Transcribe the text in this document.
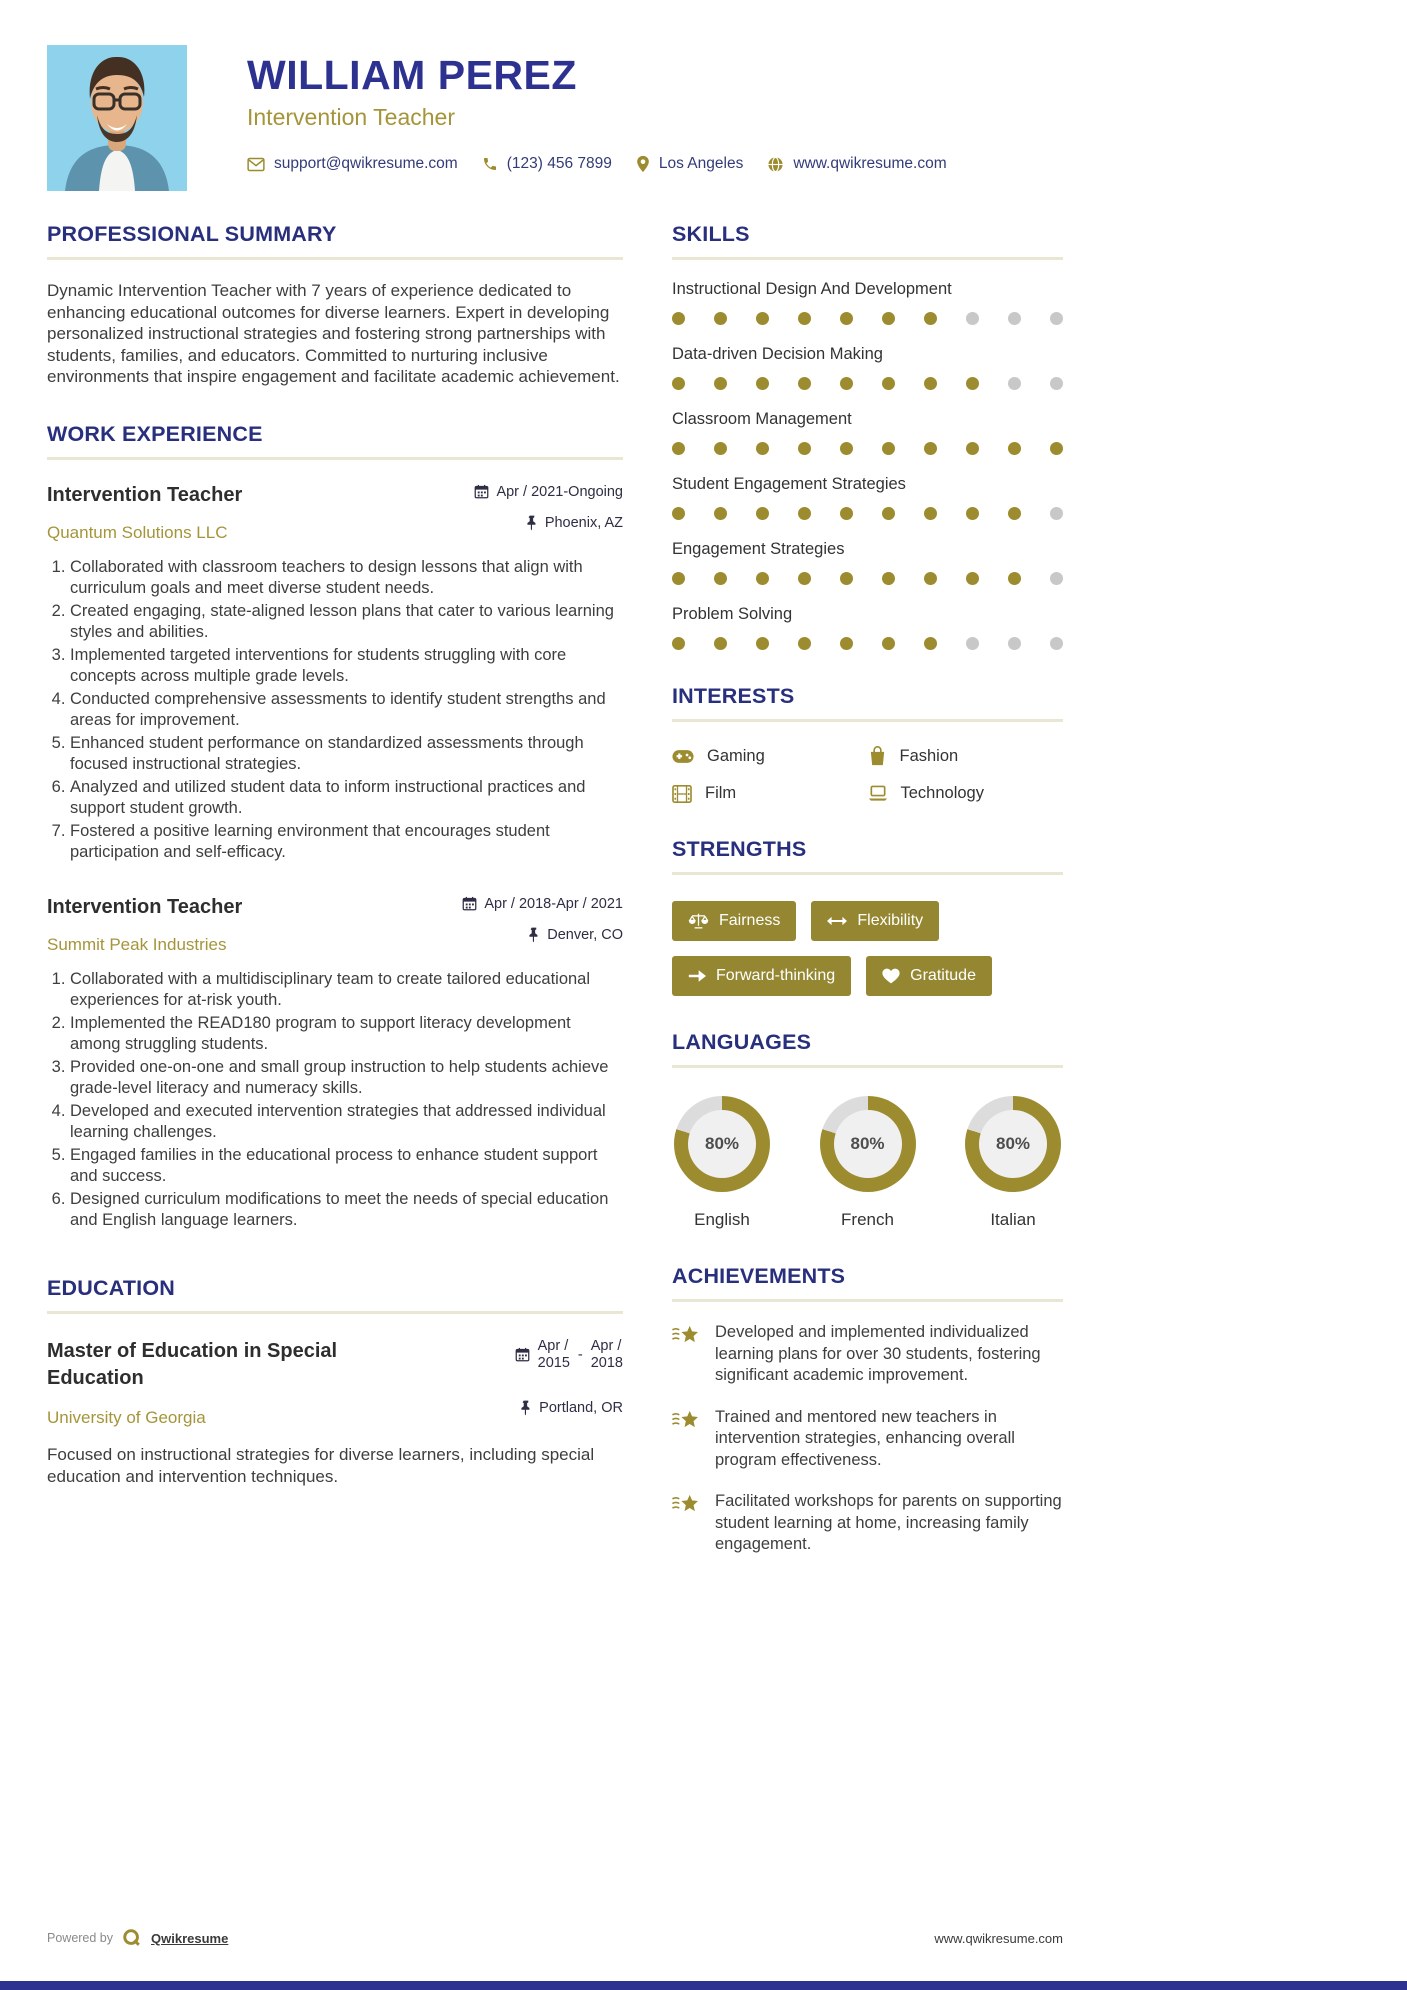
WILLIAM PEREZ
Intervention Teacher
support@qwikresume.com	(123) 456 7899	Los Angeles	www.qwikresume.com
PROFESSIONAL SUMMARY
Dynamic Intervention Teacher with 7 years of experience dedicated to enhancing educational outcomes for diverse learners. Expert in developing personalized instructional strategies and fostering strong partnerships with students, families, and educators. Committed to nurturing inclusive environments that inspire engagement and facilitate academic achievement.
WORK EXPERIENCE
Intervention Teacher	Apr / 2021-Ongoing
Quantum Solutions LLC	Phoenix, AZ
1. Collaborated with classroom teachers to design lessons that align with curriculum goals and meet diverse student needs.
2. Created engaging, state-aligned lesson plans that cater to various learning styles and abilities.
3. Implemented targeted interventions for students struggling with core concepts across multiple grade levels.
4. Conducted comprehensive assessments to identify student strengths and areas for improvement.
5. Enhanced student performance on standardized assessments through focused instructional strategies.
6. Analyzed and utilized student data to inform instructional practices and support student growth.
7. Fostered a positive learning environment that encourages student participation and self-efficacy.
Intervention Teacher	Apr / 2018-Apr / 2021
Summit Peak Industries	Denver, CO
1. Collaborated with a multidisciplinary team to create tailored educational experiences for at-risk youth.
2. Implemented the READ180 program to support literacy development among struggling students.
3. Provided one-on-one and small group instruction to help students achieve grade-level literacy and numeracy skills.
4. Developed and executed intervention strategies that addressed individual learning challenges.
5. Engaged families in the educational process to enhance student support and success.
6. Designed curriculum modifications to meet the needs of special education and English language learners.
EDUCATION
Master of Education in Special Education
Apr /
2015 -
Apr /
2018
University of Georgia	Portland, OR
Focused on instructional strategies for diverse learners, including special education and intervention techniques.
SKILLS
Instructional Design And Development
Data-driven Decision Making
Classroom Management
Student Engagement Strategies
Engagement Strategies
Problem Solving
INTERESTS
Gaming	Fashion
Film	Technology
STRENGTHS
Fairness	Flexibility
Forward-thinking	Gratitude
LANGUAGES
80%
English
80%
French
80%
Italian
ACHIEVEMENTS
Developed and implemented individualized learning plans for over 30 students, fostering significant academic improvement.
Trained and mentored new teachers in intervention strategies, enhancing overall program effectiveness.
Facilitated workshops for parents on supporting student learning at home, increasing family engagement.
Powered by	Qwikresume	www.qwikresume.com
